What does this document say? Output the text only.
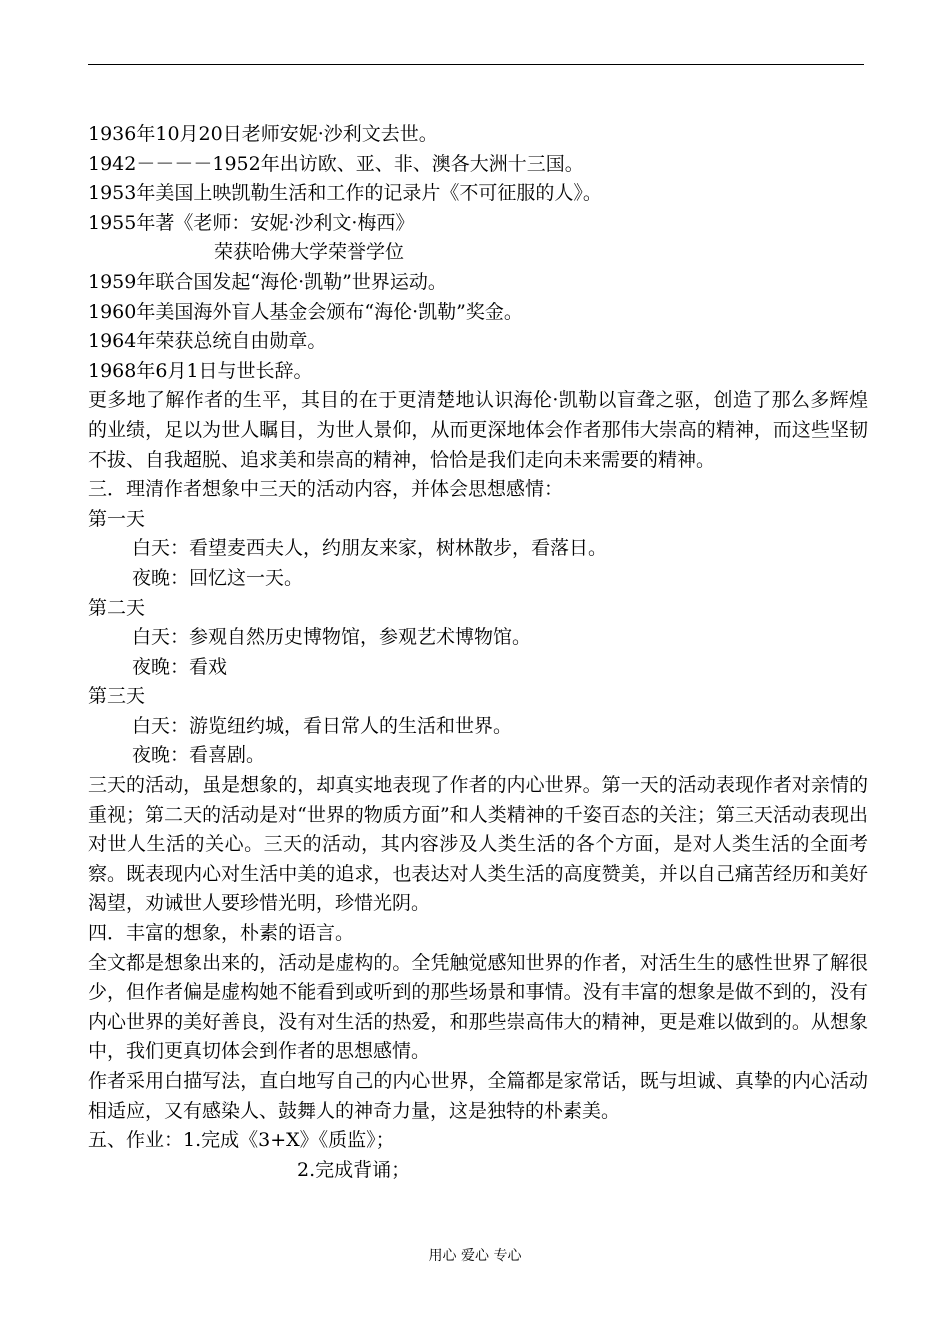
1936年10月20日老师安妮·沙利文去世。
1942－－－－1952年出访欧、亚、非、澳各大洲十三国。
1953年美国上映凯勒生活和工作的记录片《不可征服的人》。
1955年著《老师：安妮·沙利文·梅西》
荣获哈佛大学荣誉学位
1959年联合国发起“海伦·凯勒”世界运动。
1960年美国海外盲人基金会颁布“海伦·凯勒”奖金。
1964年荣获总统自由勋章。
1968年6月1日与世长辞。
更多地了解作者的生平，其目的在于更清楚地认识海伦·凯勒以盲聋之驱，创造了那么多辉煌的业绩，足以为世人瞩目，为世人景仰，从而更深地体会作者那伟大崇高的精神，而这些坚韧不拔、自我超脱、追求美和崇高的精神，恰恰是我们走向未来需要的精神。
三．理清作者想象中三天的活动内容，并体会思想感情：
第一天
白天：看望麦西夫人，约朋友来家，树林散步，看落日。
夜晚：回忆这一天。
第二天
白天：参观自然历史博物馆，参观艺术博物馆。
夜晚：看戏
第三天
白天：游览纽约城，看日常人的生活和世界。
夜晚：看喜剧。
三天的活动，虽是想象的，却真实地表现了作者的内心世界。第一天的活动表现作者对亲情的重视；第二天的活动是对“世界的物质方面”和人类精神的千姿百态的关注；第三天活动表现出对世人生活的关心。三天的活动，其内容涉及人类生活的各个方面，是对人类生活的全面考察。既表现内心对生活中美的追求，也表达对人类生活的高度赞美，并以自己痛苦经历和美好渴望，劝诫世人要珍惜光明，珍惜光阴。
四．丰富的想象，朴素的语言。
全文都是想象出来的，活动是虚构的。全凭触觉感知世界的作者，对活生生的感性世界了解很少，但作者偏是虚构她不能看到或听到的那些场景和事情。没有丰富的想象是做不到的，没有内心世界的美好善良，没有对生活的热爱，和那些崇高伟大的精神，更是难以做到的。从想象中，我们更真切体会到作者的思想感情。
作者采用白描写法，直白地写自己的内心世界，全篇都是家常话，既与坦诚、真挚的内心活动相适应，又有感染人、鼓舞人的神奇力量，这是独特的朴素美。
五、作业：1.完成《3+X》《质监》；
2.完成背诵；
用心 爱心 专心
